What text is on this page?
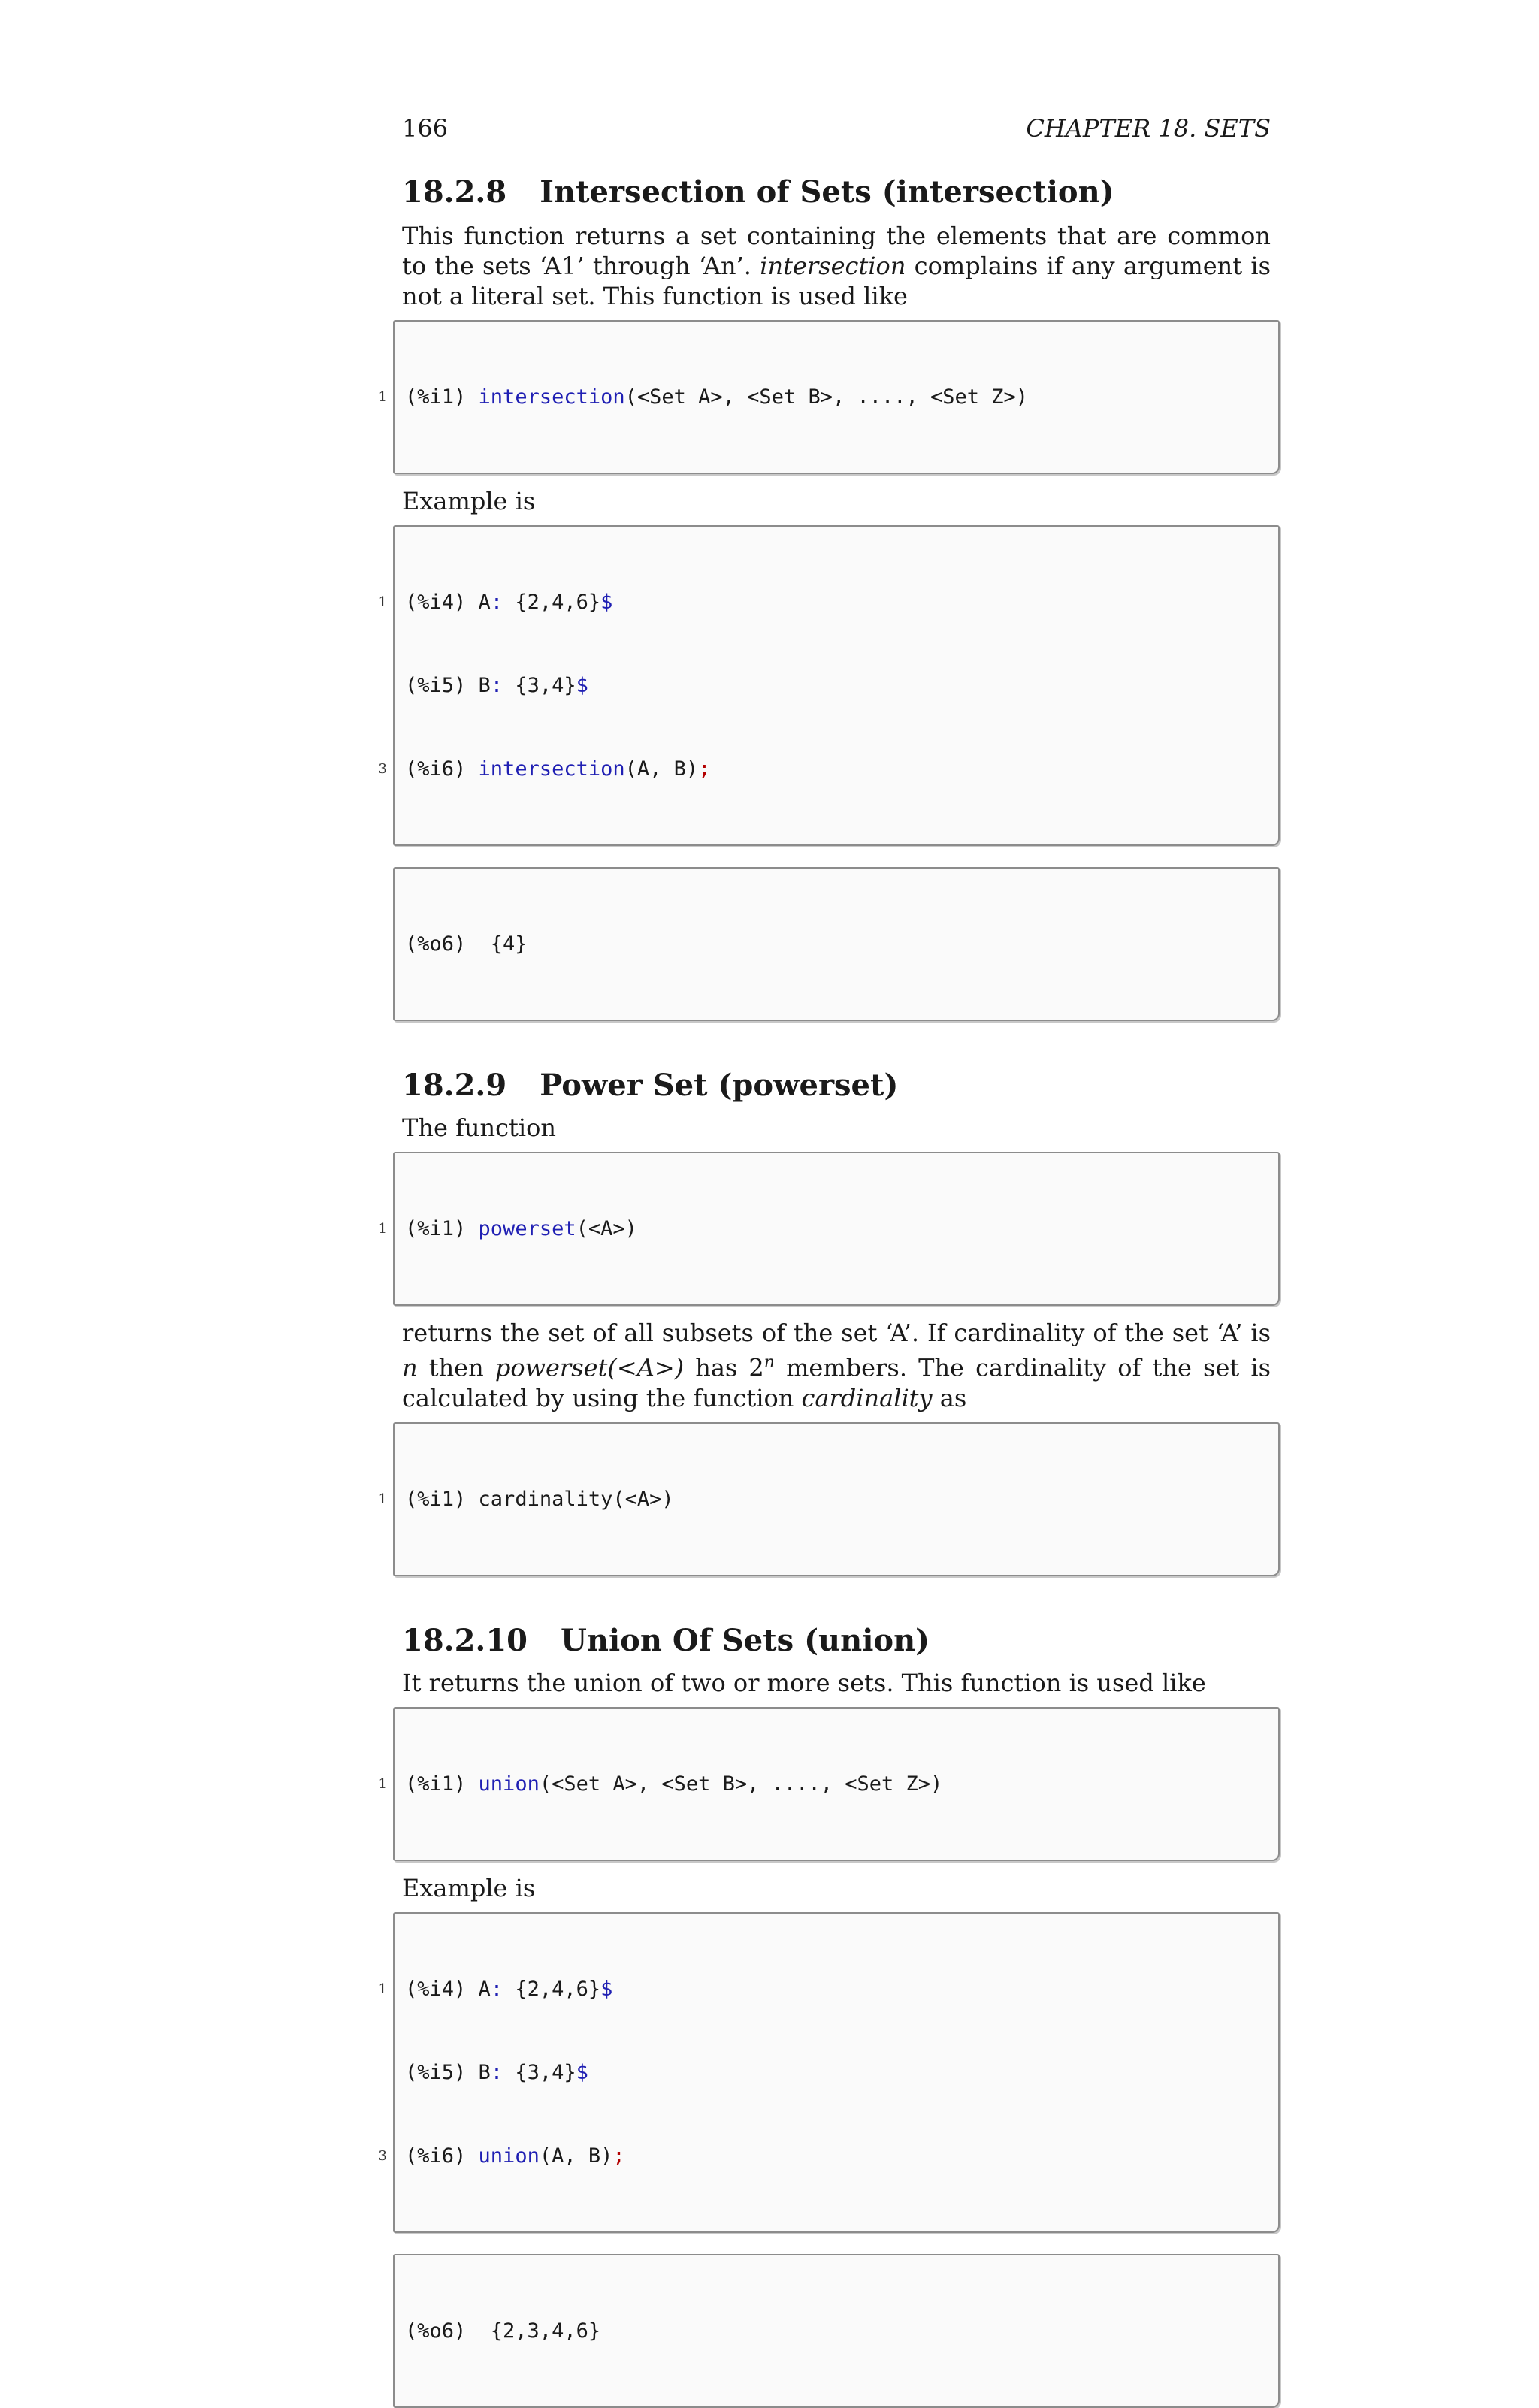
166	CHAPTER 18. SETS
18.2.8 Intersection of Sets (intersection)

This function returns a set containing the elements that are common to the sets ‘A1’ through ‘An’. intersection complains if any argument is not a literal set. This function is used like

1 (%i1) intersection(<Set A>, <Set B>, ...., <Set Z>)

Example is

1 (%i4) A: {2,4,6}$

(%i5) B: {3,4}$

3 (%i6) intersection(A, B);

(%o6)  {4}

18.2.9 Power Set (powerset)

The function

1 (%i1) powerset(<A>)

returns the set of all subsets of the set ‘A’. If cardinality of the set ‘A’ is n then powerset(<A>) has 2$^n$ members. The cardinality of the set is calculated by using the function cardinality as

1 (%i1) cardinality(<A>)

18.2.10 Union Of Sets (union)

It returns the union of two or more sets. This function is used like

1 (%i1) union(<Set A>, <Set B>, ...., <Set Z>)

Example is

1 (%i4) A: {2,4,6}$

(%i5) B: {3,4}$

3 (%i6) union(A, B);

(%o6)  {2,3,4,6}
